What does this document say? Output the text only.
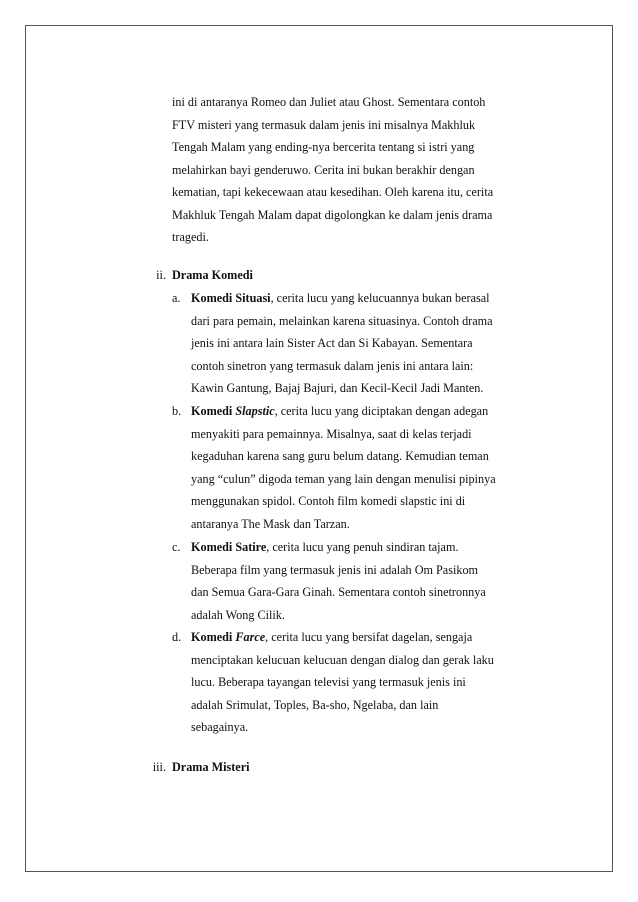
ini di antaranya Romeo dan Juliet atau Ghost. Sementara contoh
FTV misteri yang termasuk dalam jenis ini misalnya Makhluk
Tengah Malam yang ending-nya bercerita tentang si istri yang
melahirkan bayi genderuwo. Cerita ini bukan berakhir dengan
kematian, tapi kekecewaan atau kesedihan. Oleh karena itu, cerita
Makhluk Tengah Malam dapat digolongkan ke dalam jenis drama
tragedi.
ii. Drama Komedi
a. Komedi Situasi, cerita lucu yang kelucuannya bukan berasal
dari para pemain, melainkan karena situasinya. Contoh drama
jenis ini antara lain Sister Act dan Si Kabayan. Sementara
contoh sinetron yang termasuk dalam jenis ini antara lain:
Kawin Gantung, Bajaj Bajuri, dan Kecil-Kecil Jadi Manten.
b. Komedi Slapstic, cerita lucu yang diciptakan dengan adegan
menyakiti para pemainnya. Misalnya, saat di kelas terjadi
kegaduhan karena sang guru belum datang. Kemudian teman
yang “culun” digoda teman yang lain dengan menulisi pipinya
menggunakan spidol. Contoh film komedi slapstic ini di
antaranya The Mask dan Tarzan.
c. Komedi Satire, cerita lucu yang penuh sindiran tajam.
Beberapa film yang termasuk jenis ini adalah Om Pasikom
dan Semua Gara-Gara Ginah. Sementara contoh sinetronnya
adalah Wong Cilik.
d. Komedi Farce, cerita lucu yang bersifat dagelan, sengaja
menciptakan kelucuan kelucuan dengan dialog dan gerak laku
lucu. Beberapa tayangan televisi yang termasuk jenis ini
adalah Srimulat, Toples, Ba-sho, Ngelaba, dan lain
sebagainya.
iii. Drama Misteri
